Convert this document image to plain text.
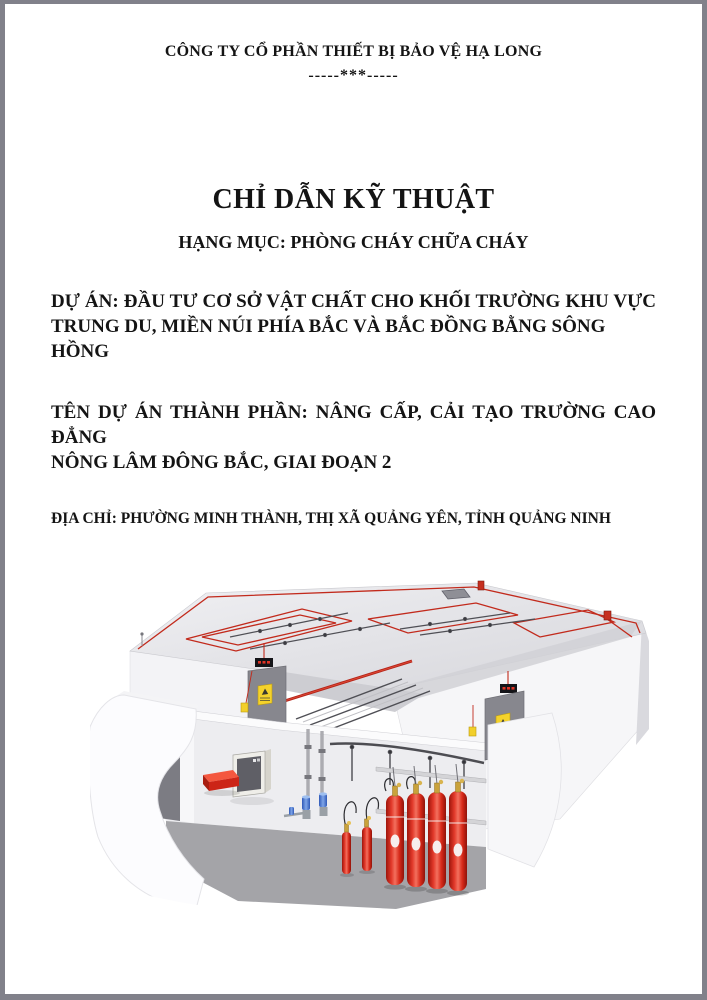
CÔNG TY CỔ PHẦN THIẾT BỊ BẢO VỆ HẠ LONG
-----***-----
CHỈ DẪN KỸ THUẬT
HẠNG MỤC: PHÒNG CHÁY CHỮA CHÁY
DỰ ÁN: ĐẦU TƯ CƠ SỞ VẬT CHẤT CHO KHỐI TRƯỜNG KHU VỰC
TRUNG DU, MIỀN NÚI PHÍA BẮC VÀ BẮC ĐỒNG BẰNG SÔNG HỒNG
TÊN DỰ ÁN THÀNH PHẦN: NÂNG CẤP, CẢI TẠO TRƯỜNG CAO ĐẲNG
NÔNG LÂM ĐÔNG BẮC, GIAI ĐOẠN 2
ĐỊA CHỈ: PHƯỜNG MINH THÀNH, THỊ XÃ QUẢNG YÊN, TỈNH QUẢNG NINH
